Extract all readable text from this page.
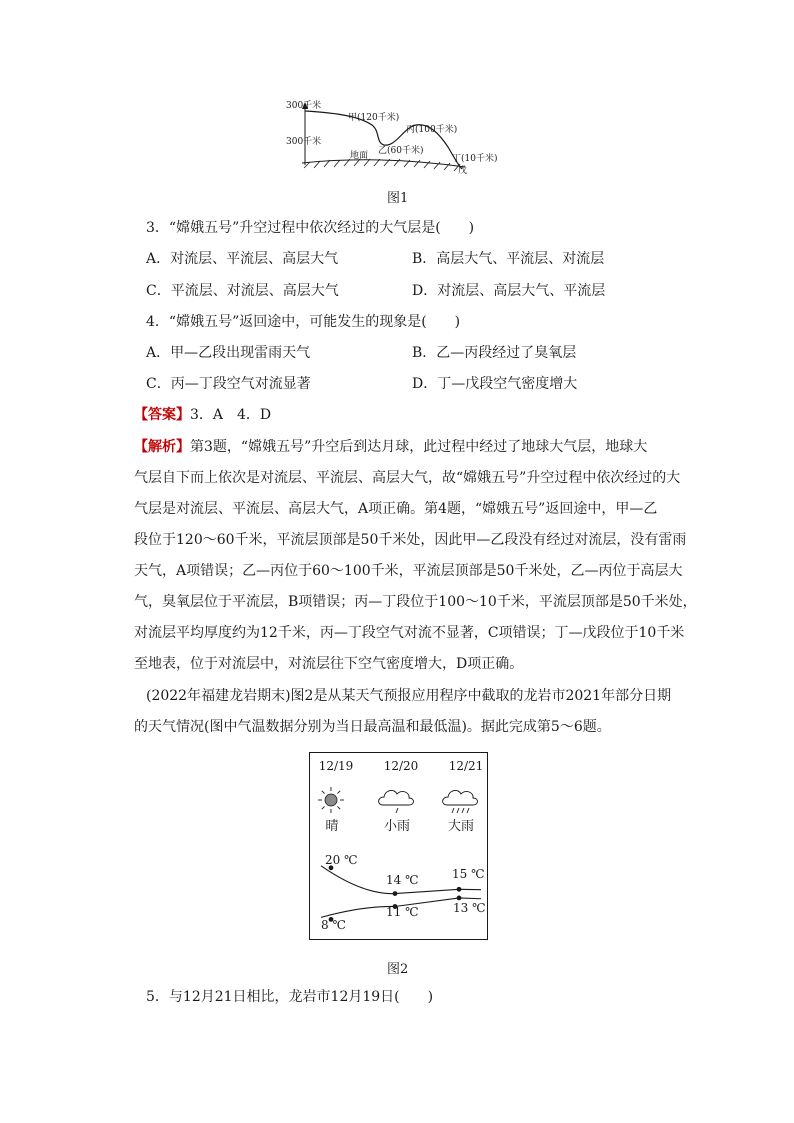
300千米
300千米
甲(120千米)
丙(100千米)
乙(60千米)
地面	丁(10千米)
戊
图1
3．“嫦娥五号”升空过程中依次经过的大气层是(　　)
A．对流层、平流层、高层大气	B．高层大气、平流层、对流层
C．平流层、对流层、高层大气	D．对流层、高层大气、平流层
4．“嫦娥五号”返回途中，可能发生的现象是(　　)
A．甲—乙段出现雷雨天气	B．乙—丙段经过了臭氧层
C．丙—丁段空气对流显著	D．丁—戊段空气密度增大
【答案】3．A　4．D
【解析】第3题，“嫦娥五号”升空后到达月球，此过程中经过了地球大气层，地球大
气层自下而上依次是对流层、平流层、高层大气，故“嫦娥五号”升空过程中依次经过的大
气层是对流层、平流层、高层大气，A项正确。第4题，“嫦娥五号”返回途中，甲—乙
段位于120～60千米，平流层顶部是50千米处，因此甲—乙段没有经过对流层，没有雷雨
天气，A项错误；乙—丙位于60～100千米，平流层顶部是50千米处，乙—丙位于高层大
气，臭氧层位于平流层，B项错误；丙—丁段位于100～10千米，平流层顶部是50千米处，
对流层平均厚度约为12千米，丙—丁段空气对流不显著，C项错误；丁—戊段位于10千米
至地表，位于对流层中，对流层往下空气密度增大，D项正确。
(2022年福建龙岩期末)图2是从某天气预报应用程序中截取的龙岩市2021年部分日期
的天气情况(图中气温数据分别为当日最高温和最低温)。据此完成第5～6题。
12/19	12/20	12/21
晴	小雨	大雨
20 ℃
14 ℃	15 ℃
8 ℃
11 ℃	13 ℃
图2
5．与12月21日相比，龙岩市12月19日(　　)
